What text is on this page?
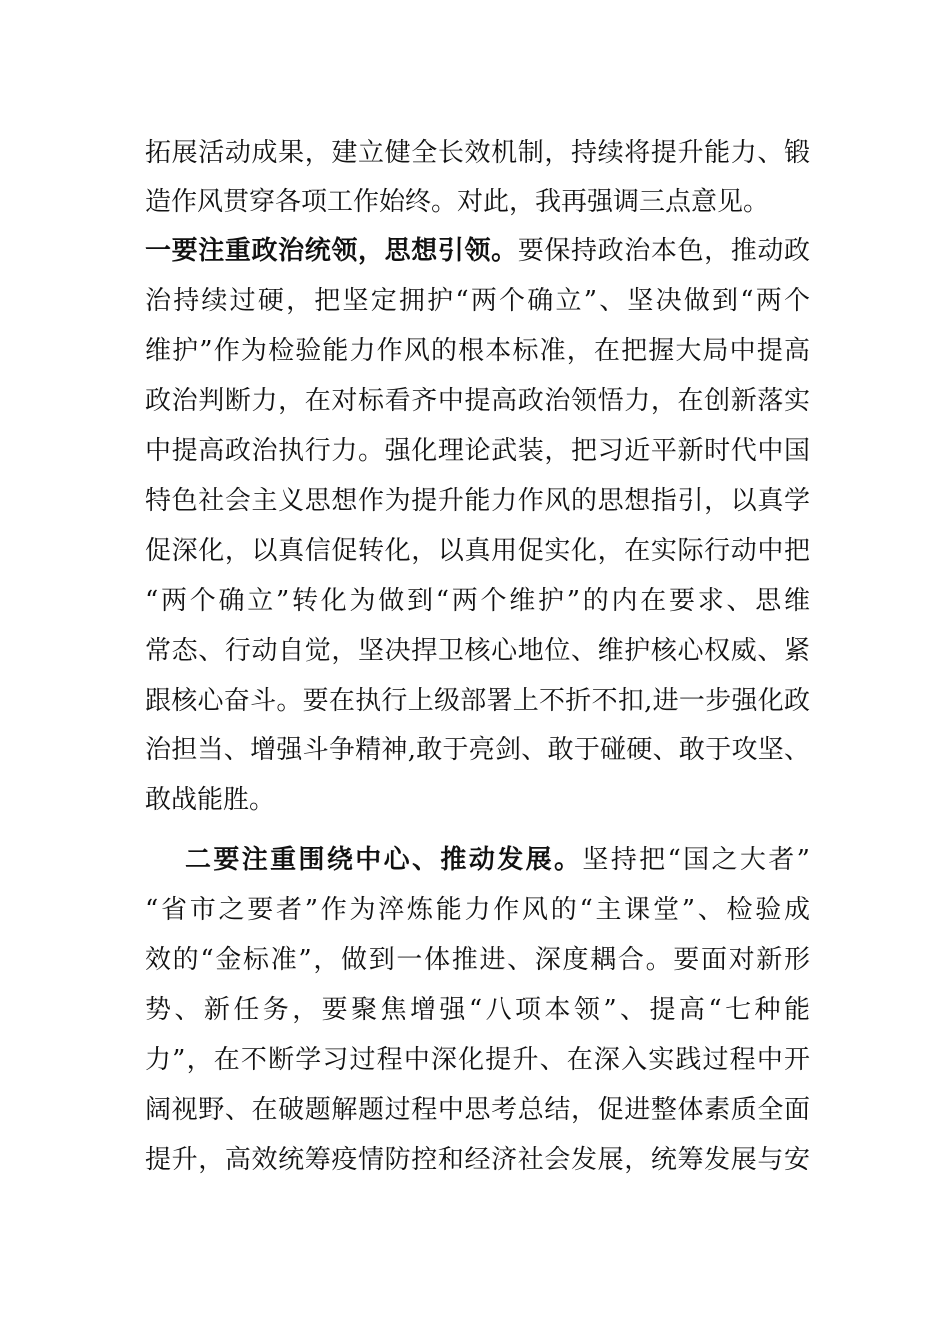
拓展活动成果，建立健全长效机制，持续将提升能力、锻
造作风贯穿各项工作始终。对此，我再强调三点意见。
一要注重政治统领，思想引领。要保持政治本色，推动政
治持续过硬，把坚定拥护“两个确立”、坚决做到“两个
维护”作为检验能力作风的根本标准，在把握大局中提高
政治判断力，在对标看齐中提高政治领悟力，在创新落实
中提高政治执行力。强化理论武装，把习近平新时代中国
特色社会主义思想作为提升能力作风的思想指引，以真学
促深化，以真信促转化，以真用促实化，在实际行动中把
“两个确立”转化为做到“两个维护”的内在要求、思维
常态、行动自觉，坚决捍卫核心地位、维护核心权威、紧
跟核心奋斗。要在执行上级部署上不折不扣,进一步强化政
治担当、增强斗争精神,敢于亮剑、敢于碰硬、敢于攻坚、
敢战能胜。
二要注重围绕中心、推动发展。坚持把“国之大者”
“省市之要者”作为淬炼能力作风的“主课堂”、检验成
效的“金标准”，做到一体推进、深度耦合。要面对新形
势、新任务，要聚焦增强“八项本领”、提高“七种能
力”，在不断学习过程中深化提升、在深入实践过程中开
阔视野、在破题解题过程中思考总结，促进整体素质全面
提升，高效统筹疫情防控和经济社会发展，统筹发展与安
